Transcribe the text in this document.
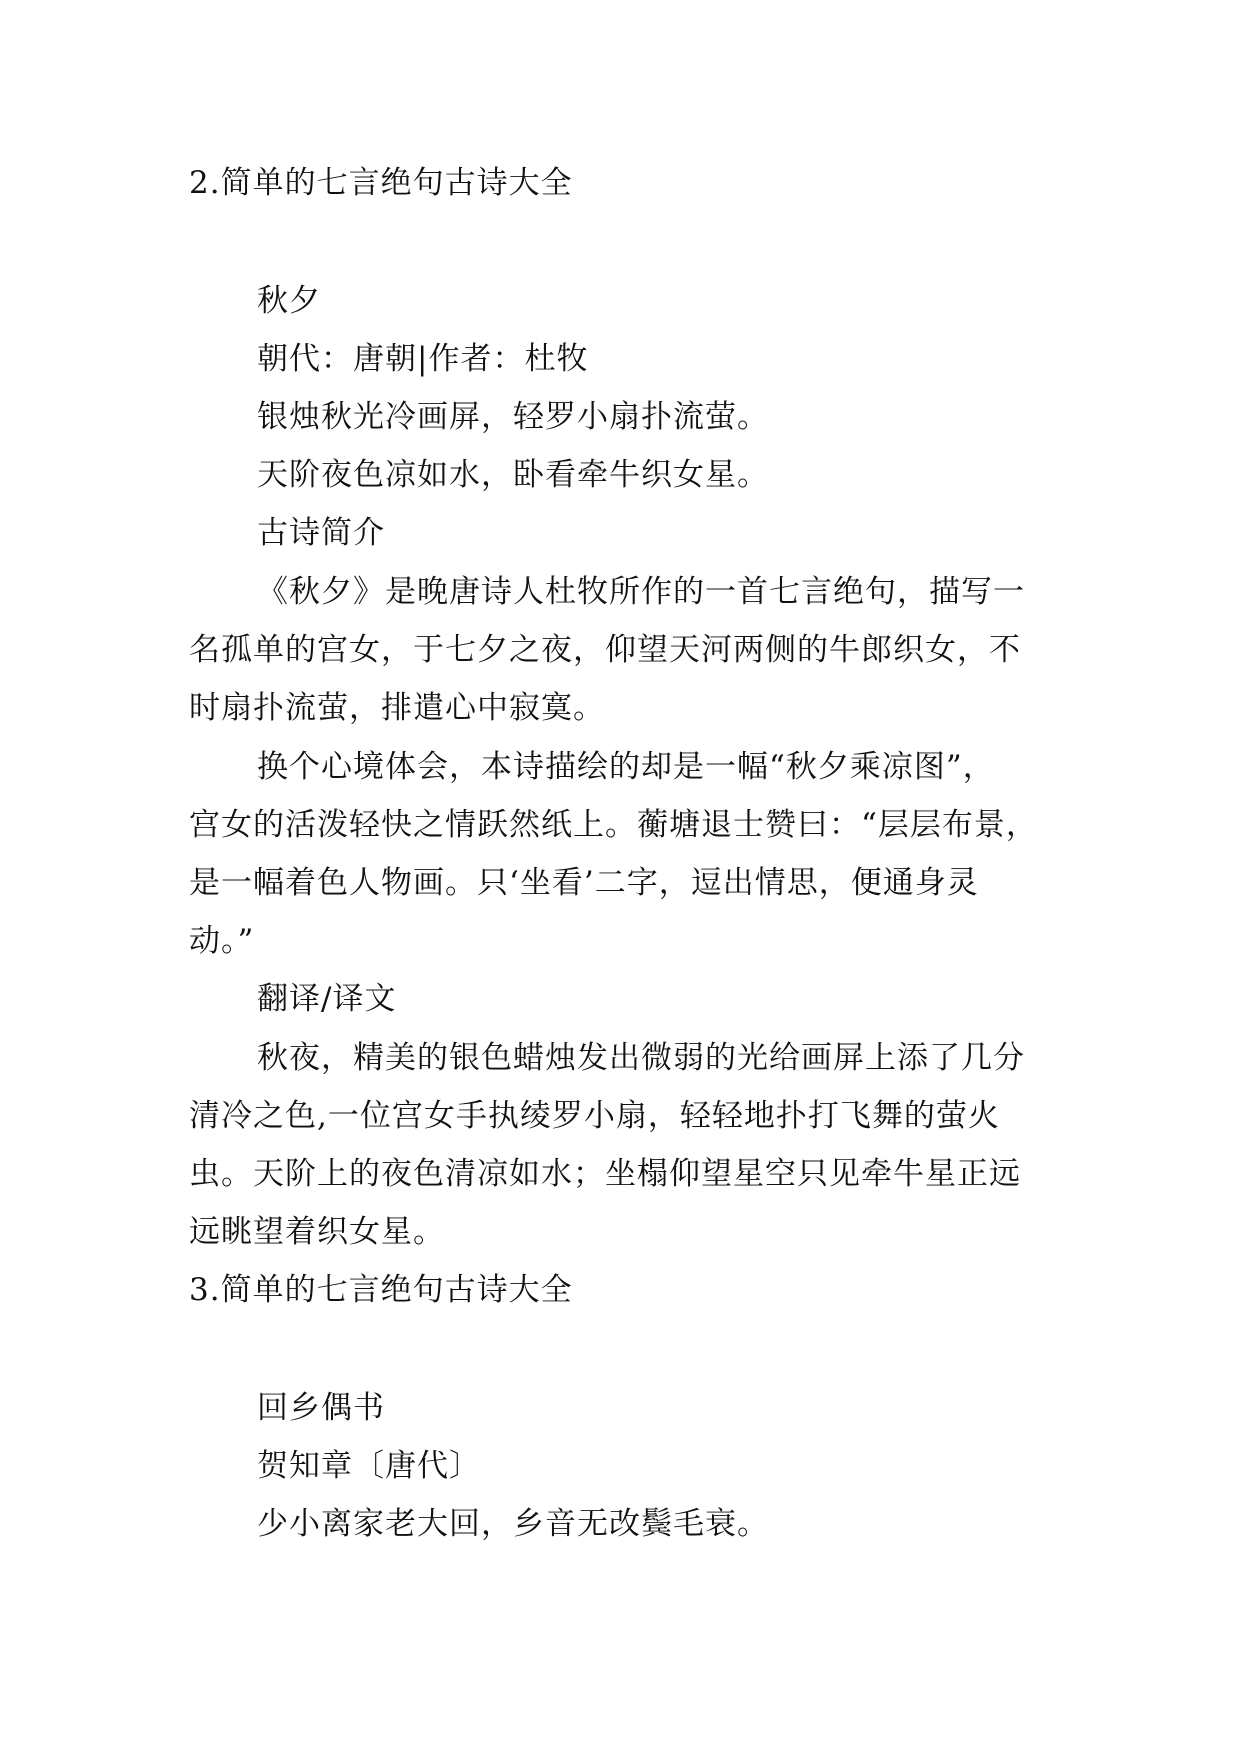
2.简单的七言绝句古诗大全
秋夕
朝代：唐朝|作者：杜牧
银烛秋光冷画屏，轻罗小扇扑流萤。
天阶夜色凉如水，卧看牵牛织女星。
古诗简介
《秋夕》是晚唐诗人杜牧所作的一首七言绝句，描写一
名孤单的宫女，于七夕之夜，仰望天河两侧的牛郎织女，不
时扇扑流萤，排遣心中寂寞。
换个心境体会，本诗描绘的却是一幅“秋夕乘凉图”，
宫女的活泼轻快之情跃然纸上。蘅塘退士赞曰：“层层布景，
是一幅着色人物画。只‘坐看’二字，逗出情思，便通身灵
动。”
翻译/译文
秋夜，精美的银色蜡烛发出微弱的光给画屏上添了几分
清冷之色,一位宫女手执绫罗小扇，轻轻地扑打飞舞的萤火
虫。天阶上的夜色清凉如水；坐榻仰望星空只见牵牛星正远
远眺望着织女星。
3.简单的七言绝句古诗大全
回乡偶书
贺知章〔唐代〕
少小离家老大回，乡音无改鬓毛衰。
